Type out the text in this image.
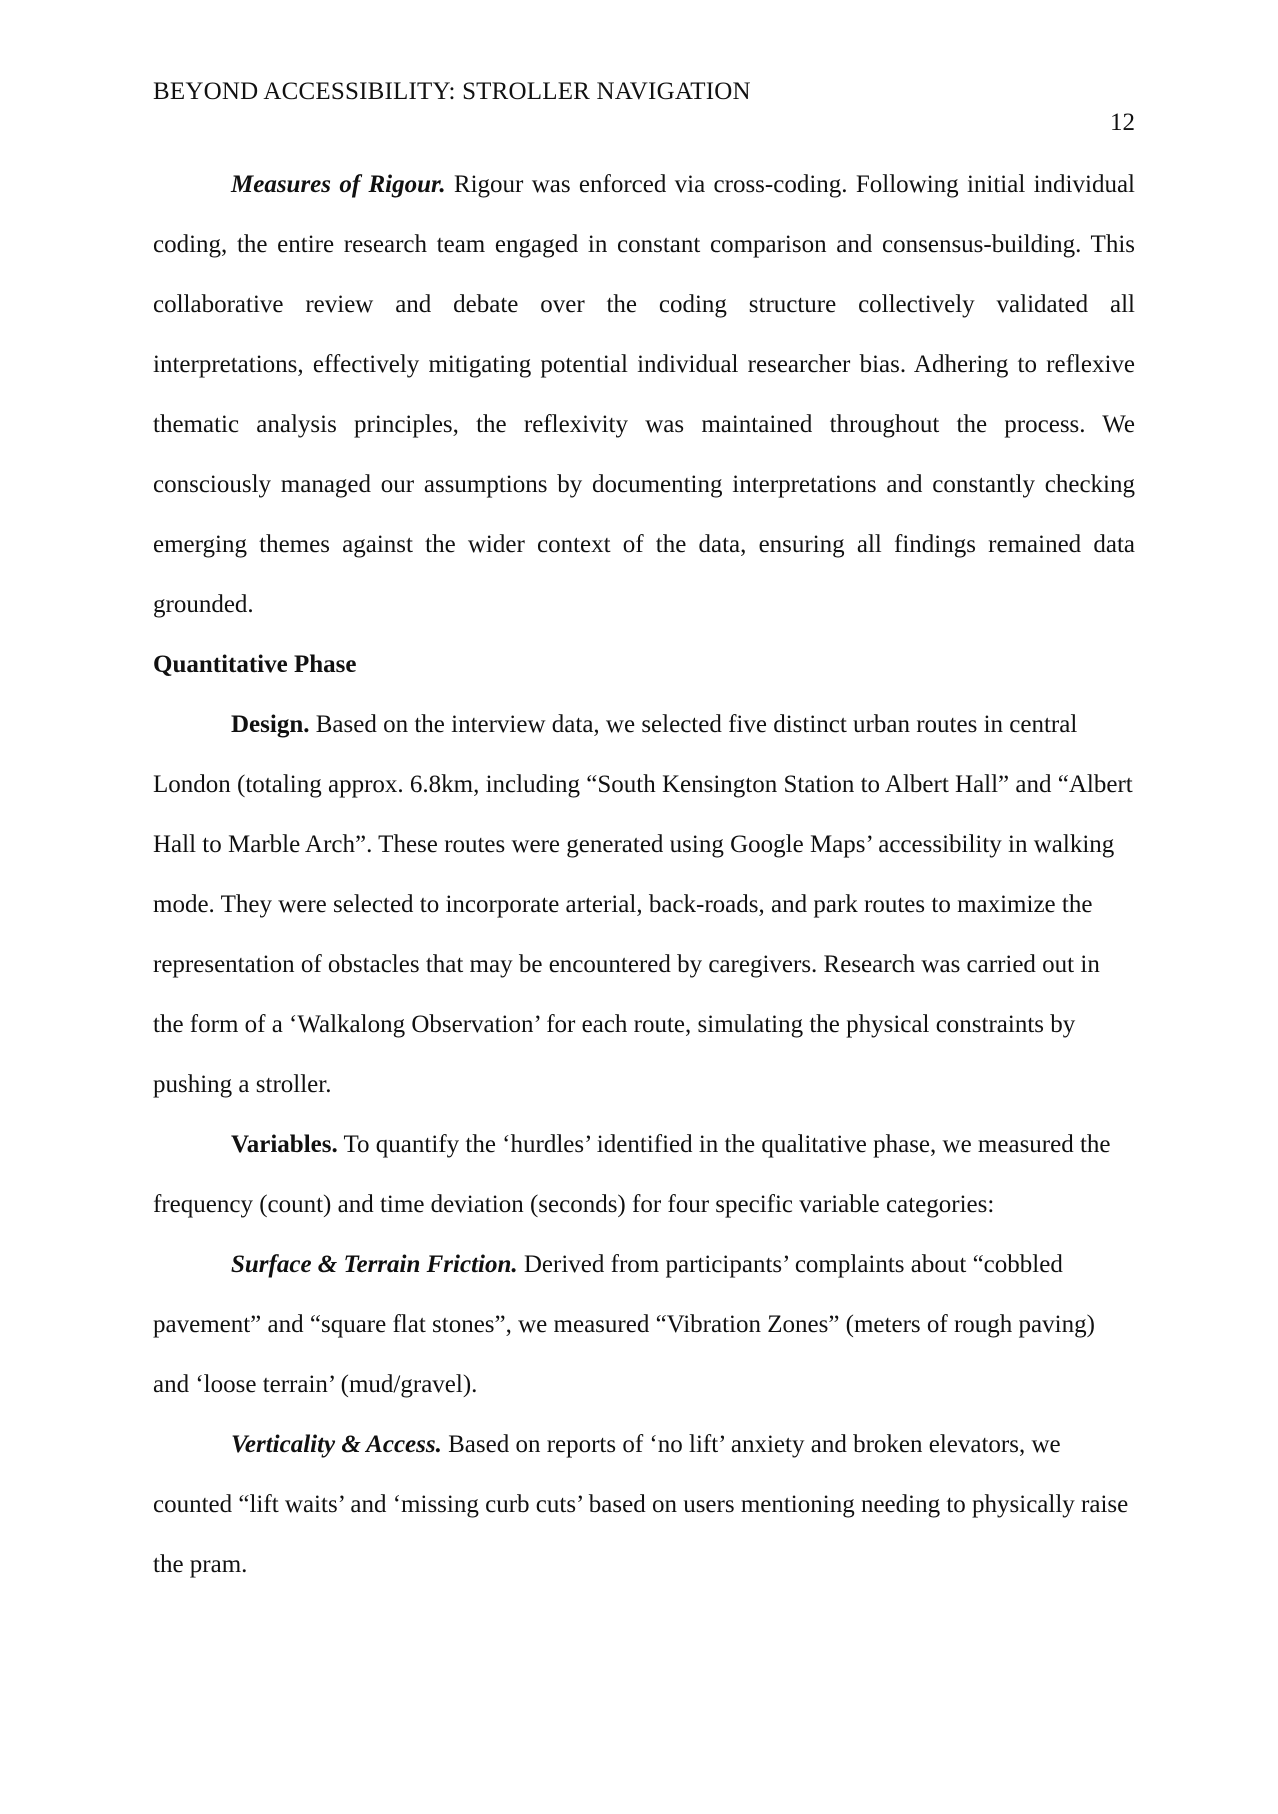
BEYOND ACCESSIBILITY: STROLLER NAVIGATION
12

Measures of Rigour. Rigour was enforced via cross-coding. Following initial individual coding, the entire research team engaged in constant comparison and consensus-building. This collaborative review and debate over the coding structure collectively validated all interpretations, effectively mitigating potential individual researcher bias. Adhering to reflexive thematic analysis principles, the reflexivity was maintained throughout the process. We consciously managed our assumptions by documenting interpretations and constantly checking emerging themes against the wider context of the data, ensuring all findings remained data grounded.

Quantitative Phase

Design. Based on the interview data, we selected five distinct urban routes in central London (totaling approx. 6.8km, including “South Kensington Station to Albert Hall” and “Albert Hall to Marble Arch”. These routes were generated using Google Maps’ accessibility in walking mode. They were selected to incorporate arterial, back-roads, and park routes to maximize the representation of obstacles that may be encountered by caregivers. Research was carried out in the form of a ‘Walkalong Observation’ for each route, simulating the physical constraints by pushing a stroller.

Variables. To quantify the ‘hurdles’ identified in the qualitative phase, we measured the frequency (count) and time deviation (seconds) for four specific variable categories:

Surface & Terrain Friction. Derived from participants’ complaints about “cobbled pavement” and “square flat stones”, we measured “Vibration Zones” (meters of rough paving) and ‘loose terrain’ (mud/gravel).

Verticality & Access. Based on reports of ‘no lift’ anxiety and broken elevators, we counted “lift waits’ and ‘missing curb cuts’ based on users mentioning needing to physically raise the pram.
